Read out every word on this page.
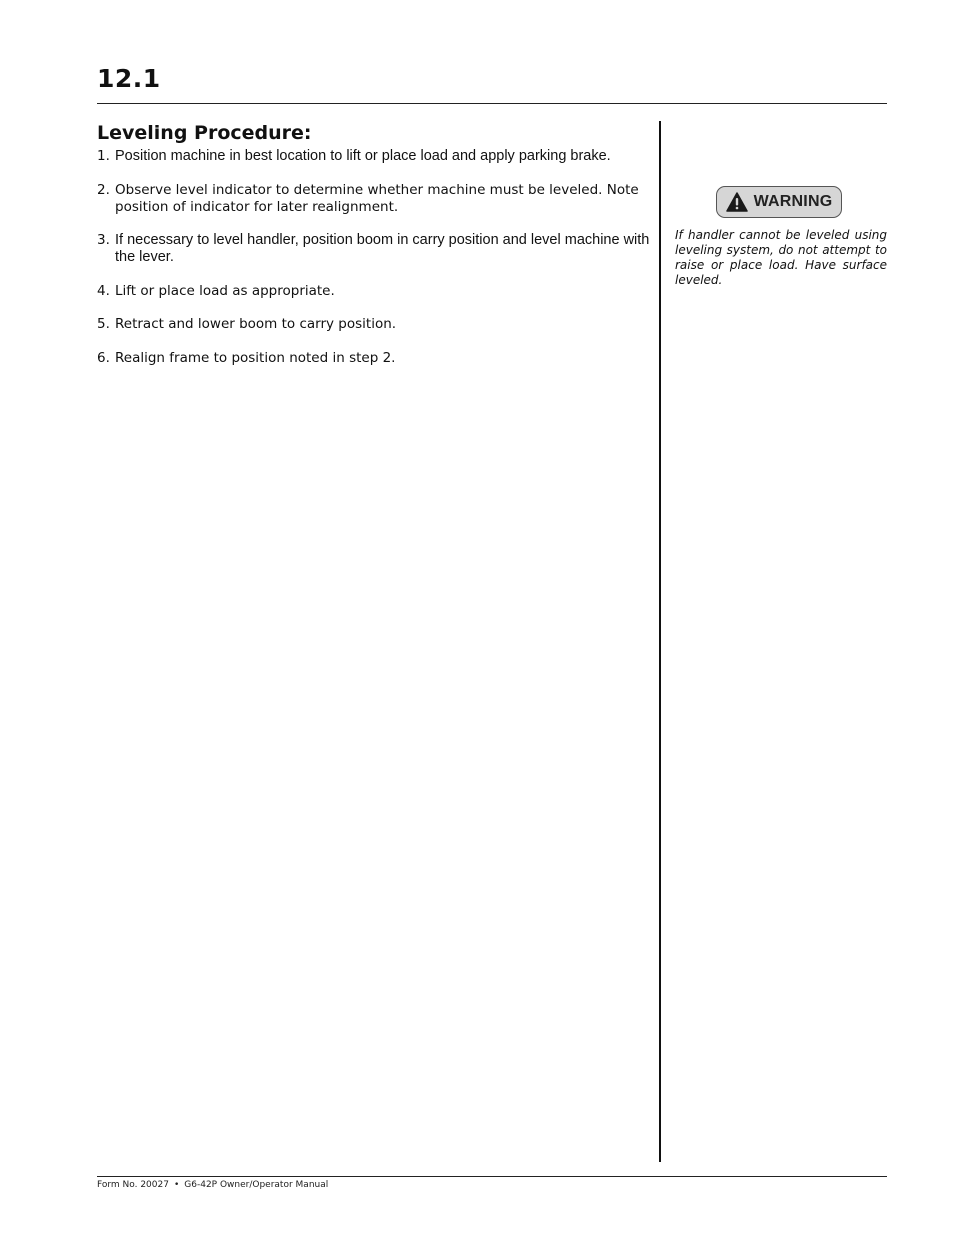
12.1
Leveling Procedure:
1. Position machine in best location to lift or place load and apply parking brake.
2. Observe level indicator to determine whether machine must be leveled. Note position of indicator for later realignment.
3. If necessary to level handler, position boom in carry position and level machine with the lever.
4. Lift or place load as appropriate.
5. Retract and lower boom to carry position.
6. Realign frame to position noted in step 2.
WARNING

If handler cannot be leveled using leveling system, do not attempt to raise or place load. Have surface leveled.

Form No. 20027 • G6-42P Owner/Operator Manual
